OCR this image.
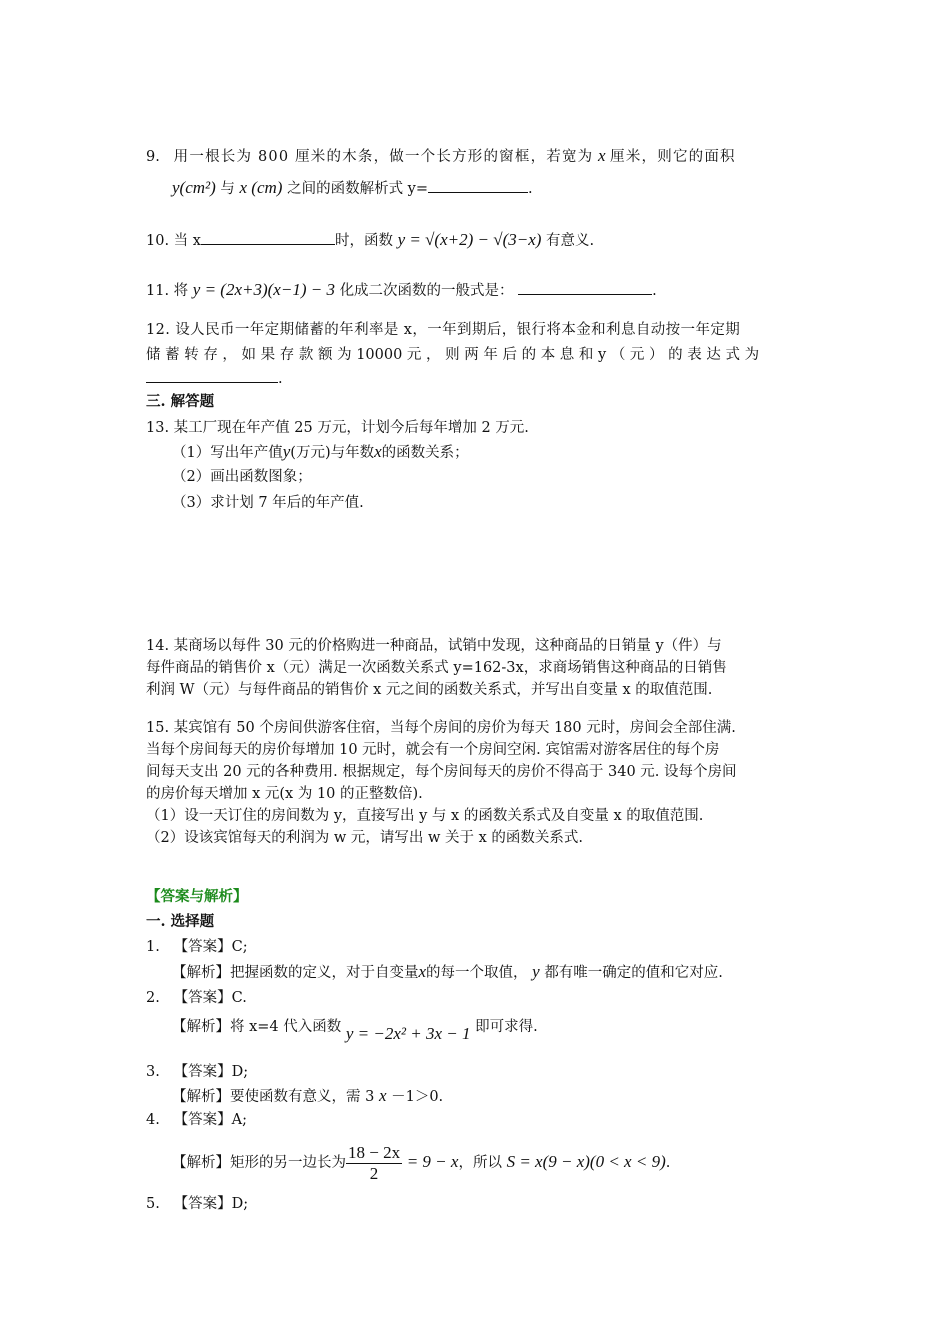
9. 用一根长为 800 厘米的木条，做一个长方形的窗框，若宽为 x 厘米，则它的面积
y(cm²) 与 x (cm) 之间的函数解析式 y=	.
10. 当 x	时，函数 y = √(x+2) − √(3−x) 有意义.
11. 将 y = (2x+3)(x−1) − 3 化成二次函数的一般式是：	.
12. 设人民币一年定期储蓄的年利率是 x，一年到期后，银行将本金和利息自动按一年定期
储 蓄 转 存 ， 如 果 存 款 额 为 10000 元 ， 则 两 年 后 的 本 息 和 y （ 元 ） 的 表 达 式 为
.
三. 解答题
13. 某工厂现在年产值 25 万元，计划今后每年增加 2 万元.
（1）写出年产值y(万元)与年数x的函数关系；
（2）画出函数图象；
（3）求计划 7 年后的年产值.
14. 某商场以每件 30 元的价格购进一种商品，试销中发现，这种商品的日销量 y（件）与
每件商品的销售价 x（元）满足一次函数关系式 y=162-3x，求商场销售这种商品的日销售
利润 W（元）与每件商品的销售价 x 元之间的函数关系式，并写出自变量 x 的取值范围.
15. 某宾馆有 50 个房间供游客住宿，当每个房间的房价为每天 180 元时，房间会全部住满.
当每个房间每天的房价每增加 10 元时，就会有一个房间空闲. 宾馆需对游客居住的每个房
间每天支出 20 元的各种费用. 根据规定，每个房间每天的房价不得高于 340 元. 设每个房间
的房价每天增加 x 元(x 为 10 的正整数倍).
（1）设一天订住的房间数为 y，直接写出 y 与 x 的函数关系式及自变量 x 的取值范围.
（2）设该宾馆每天的利润为 w 元，请写出 w 关于 x 的函数关系式.
【答案与解析】
一. 选择题
1. 【答案】C;
【解析】把握函数的定义，对于自变量x的每一个取值， y 都有唯一确定的值和它对应.
2. 【答案】C.
【解析】将 x=4 代入函数 y = −2x² + 3x − 1 即可求得.
3. 【答案】D;
【解析】要使函数有意义，需 3 x －1＞0.
4. 【答案】A;
【解析】矩形的另一边长为 $\frac{18 - 2x}{2} = 9 - x$，所以 S = x(9 − x)(0 < x < 9).
5. 【答案】D;
